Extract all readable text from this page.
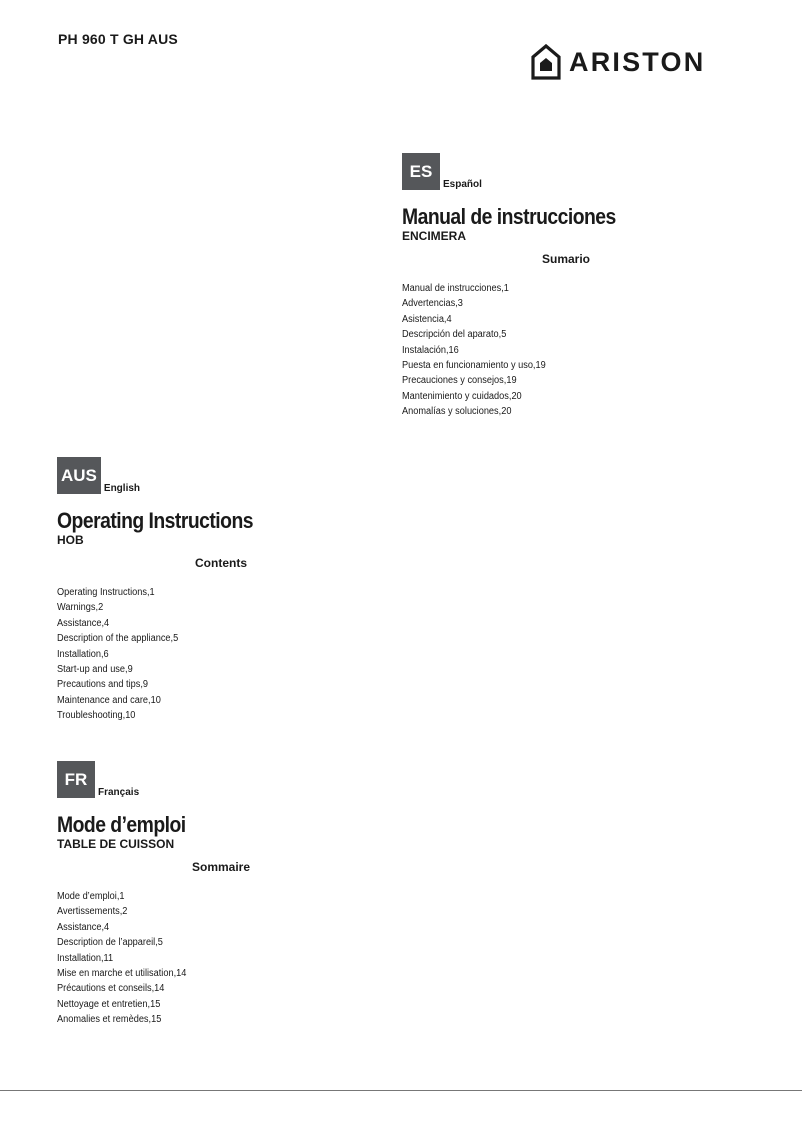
PH 960 T GH AUS
ARISTON
ES
Español
Manual de instrucciones
ENCIMERA
Sumario
Manual de instrucciones,1
Advertencias,3
Asistencia,4
Descripción del aparato,5
Instalación,16
Puesta en funcionamiento y uso,19
Precauciones y consejos,19
Mantenimiento y cuidados,20
Anomalías y soluciones,20
AUS
English
Operating Instructions
HOB
Contents
Operating Instructions,1
Warnings,2
Assistance,4
Description of the appliance,5
Installation,6
Start-up and use,9
Precautions and tips,9
Maintenance and care,10
Troubleshooting,10
FR
Français
Mode d’emploi
TABLE DE CUISSON
Sommaire
Mode d’emploi,1
Avertissements,2
Assistance,4
Description de l’appareil,5
Installation,11
Mise en marche et utilisation,14
Précautions et conseils,14
Nettoyage et entretien,15
Anomalies et remèdes,15
